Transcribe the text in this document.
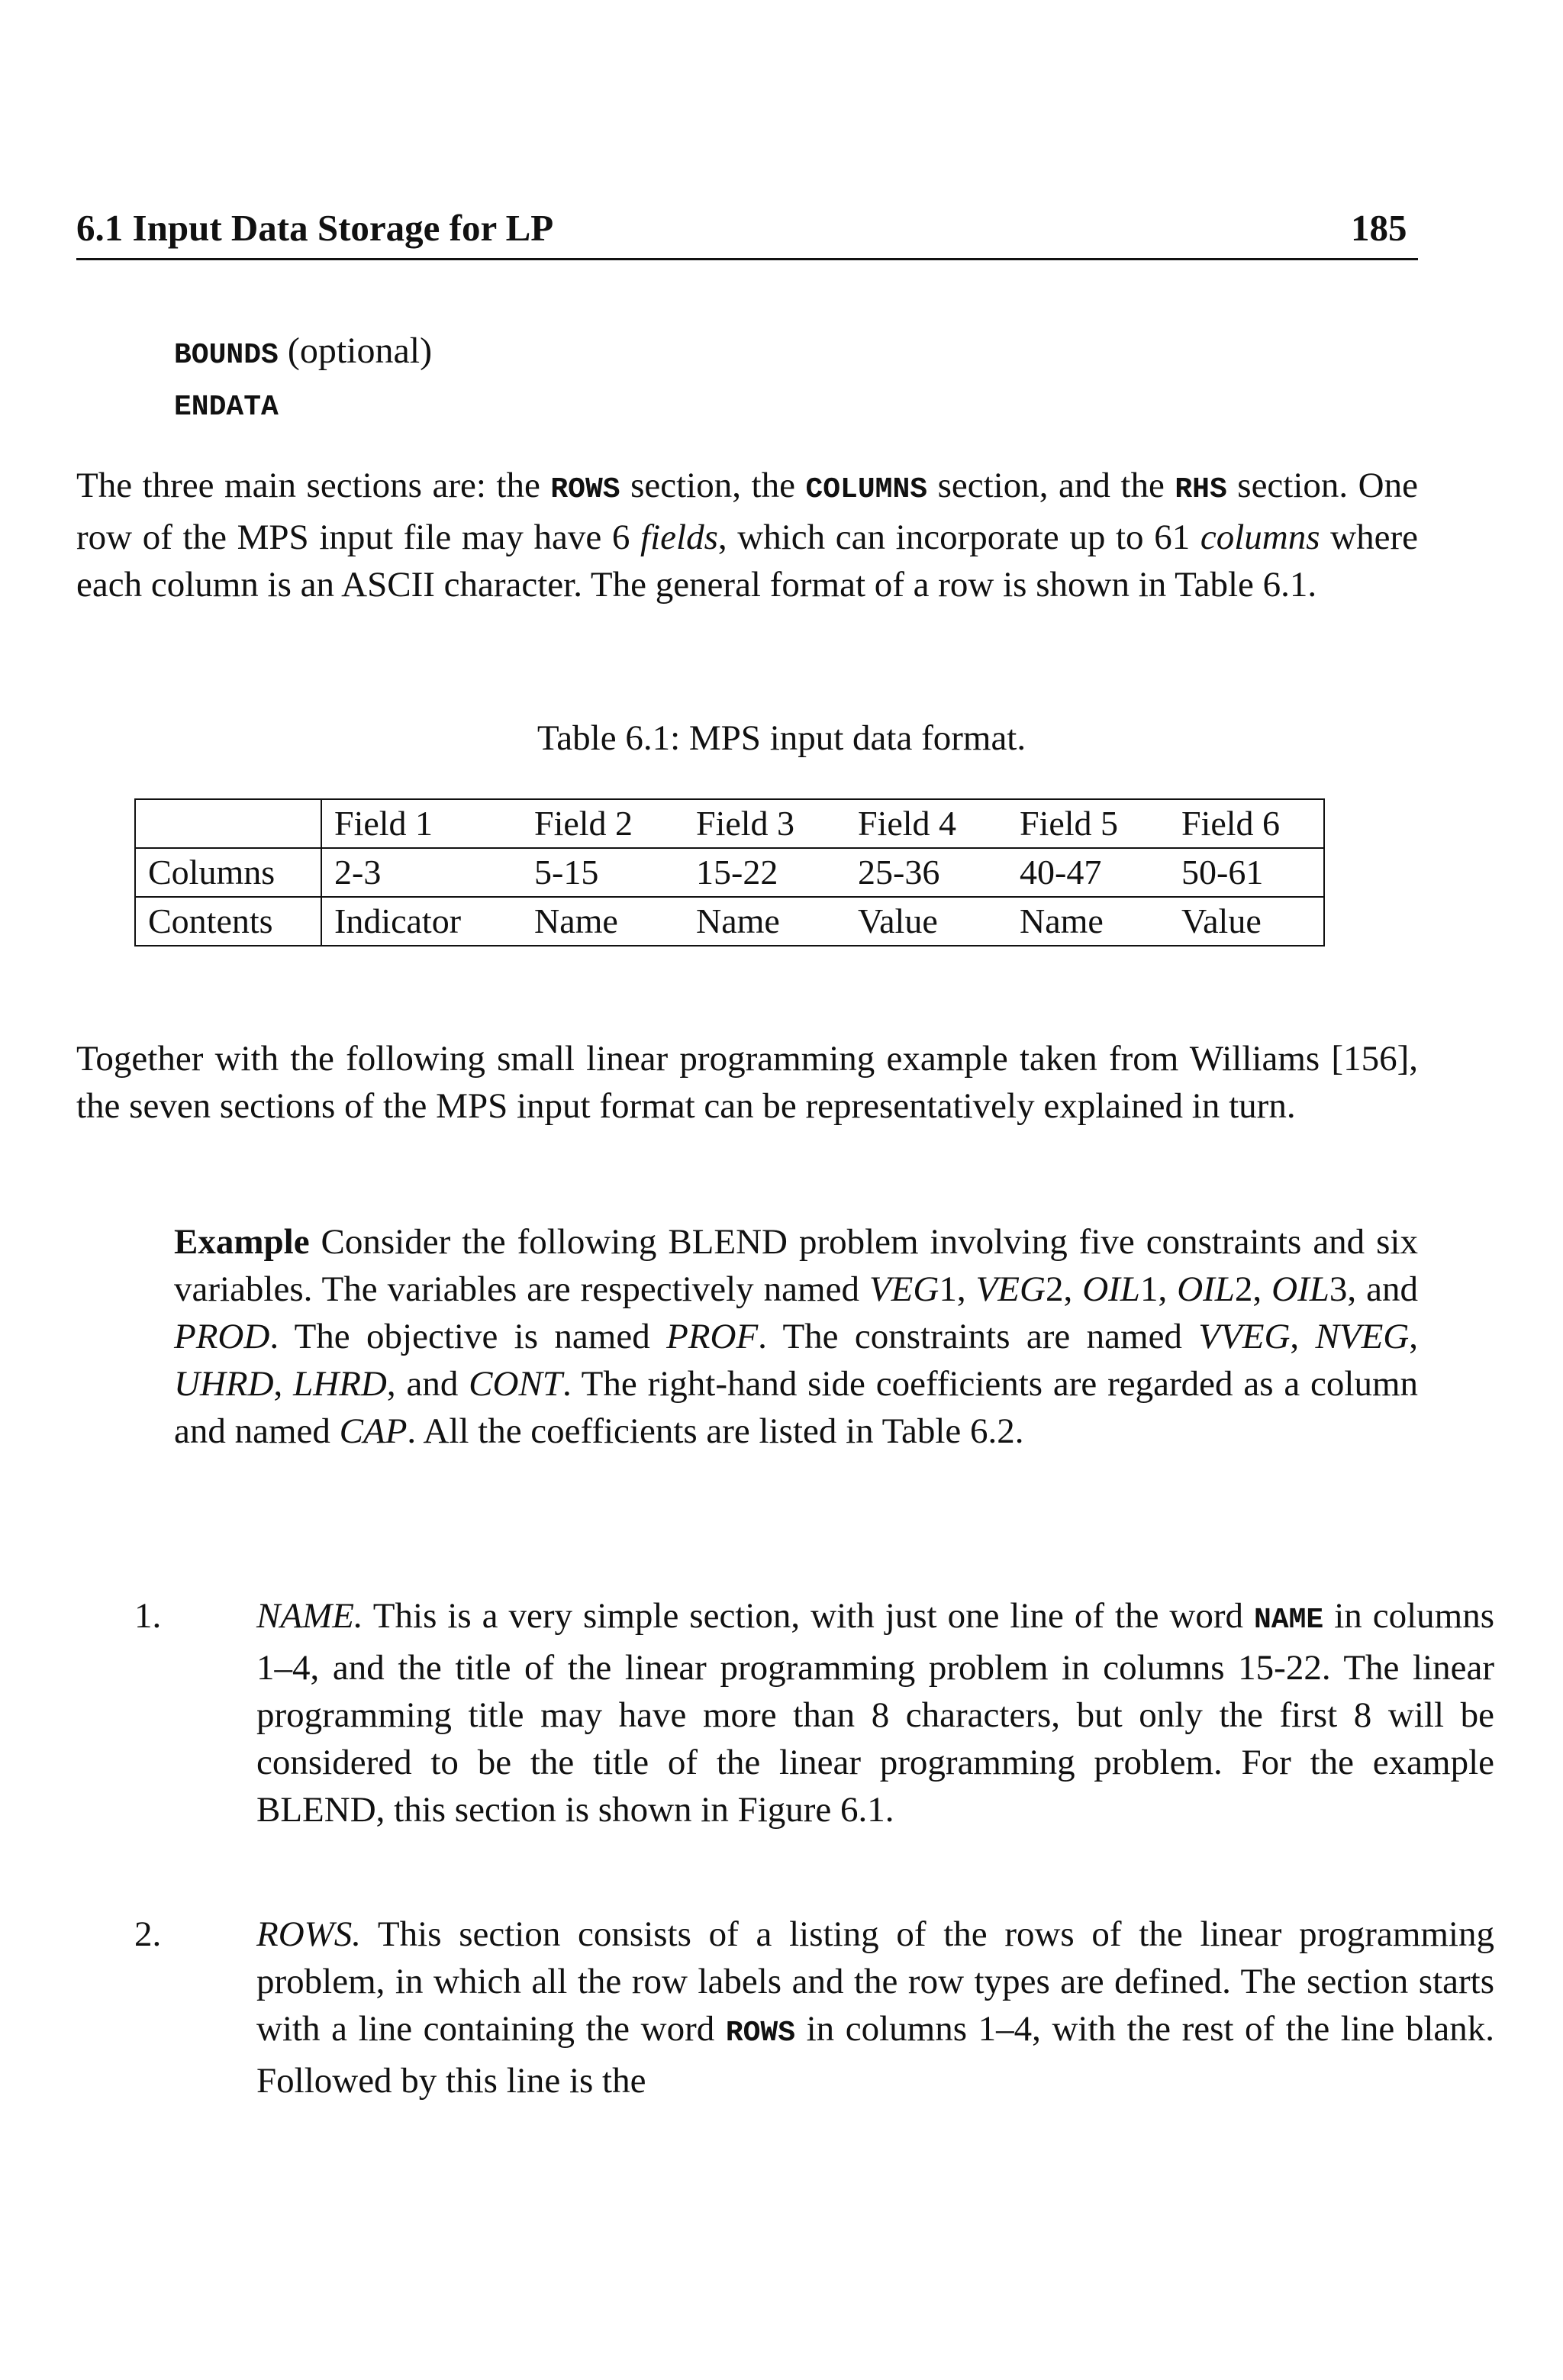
6.1 Input Data Storage for LP	185
BOUNDS (optional)
ENDATA

The three main sections are: the ROWS section, the COLUMNS section, and the RHS section. One row of the MPS input file may have 6 fields, which can incorporate up to 61 columns where each column is an ASCII character. The general format of a row is shown in Table 6.1.

Table 6.1: MPS input data format.
	Field 1	Field 2	Field 3	Field 4	Field 5	Field 6
Columns	2-3	5-15	15-22	25-36	40-47	50-61
Contents	Indicator	Name	Name	Value	Name	Value

Together with the following small linear programming example taken from Williams [156], the seven sections of the MPS input format can be representatively explained in turn.

Example Consider the following BLEND problem involving five constraints and six variables. The variables are respectively named VEG1, VEG2, OIL1, OIL2, OIL3, and PROD. The objective is named PROF. The constraints are named VVEG, NVEG, UHRD, LHRD, and CONT. The right-hand side coefficients are regarded as a column and named CAP. All the coefficients are listed in Table 6.2.

1.	NAME. This is a very simple section, with just one line of the word NAME in columns 1–4, and the title of the linear programming problem in columns 15-22. The linear programming title may have more than 8 characters, but only the first 8 will be considered to be the title of the linear programming problem. For the example BLEND, this section is shown in Figure 6.1.

2.	ROWS. This section consists of a listing of the rows of the linear programming problem, in which all the row labels and the row types are defined. The section starts with a line containing the word ROWS in columns 1–4, with the rest of the line blank. Followed by this line is the
